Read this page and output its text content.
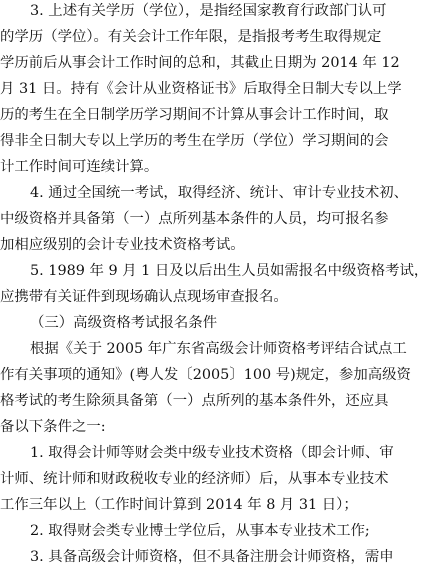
3. 上述有关学历（学位），是指经国家教育行政部门认可
的学历（学位）。有关会计工作年限，是指报考考生取得规定
学历前后从事会计工作时间的总和，其截止日期为 2014 年 12
月 31 日。持有《会计从业资格证书》后取得全日制大专以上学
历的考生在全日制学历学习期间不计算从事会计工作时间，取
得非全日制大专以上学历的考生在学历（学位）学习期间的会
计工作时间可连续计算。
4. 通过全国统一考试，取得经济、统计、审计专业技术初、
中级资格并具备第（一）点所列基本条件的人员，均可报名参
加相应级别的会计专业技术资格考试。
5. 1989 年 9 月 1 日及以后出生人员如需报名中级资格考试，
应携带有关证件到现场确认点现场审查报名。
（三）高级资格考试报名条件
根据《关于 2005 年广东省高级会计师资格考评结合试点工
作有关事项的通知》(粤人发〔2005〕100 号)规定，参加高级资
格考试的考生除须具备第（一）点所列的基本条件外，还应具
备以下条件之一:
1. 取得会计师等财会类中级专业技术资格（即会计师、审
计师、统计师和财政税收专业的经济师）后，从事本专业技术
工作三年以上（工作时间计算到 2014 年 8 月 31 日）；
2. 取得财会类专业博士学位后，从事本专业技术工作;
3. 具备高级会计师资格，但不具备注册会计师资格，需申
